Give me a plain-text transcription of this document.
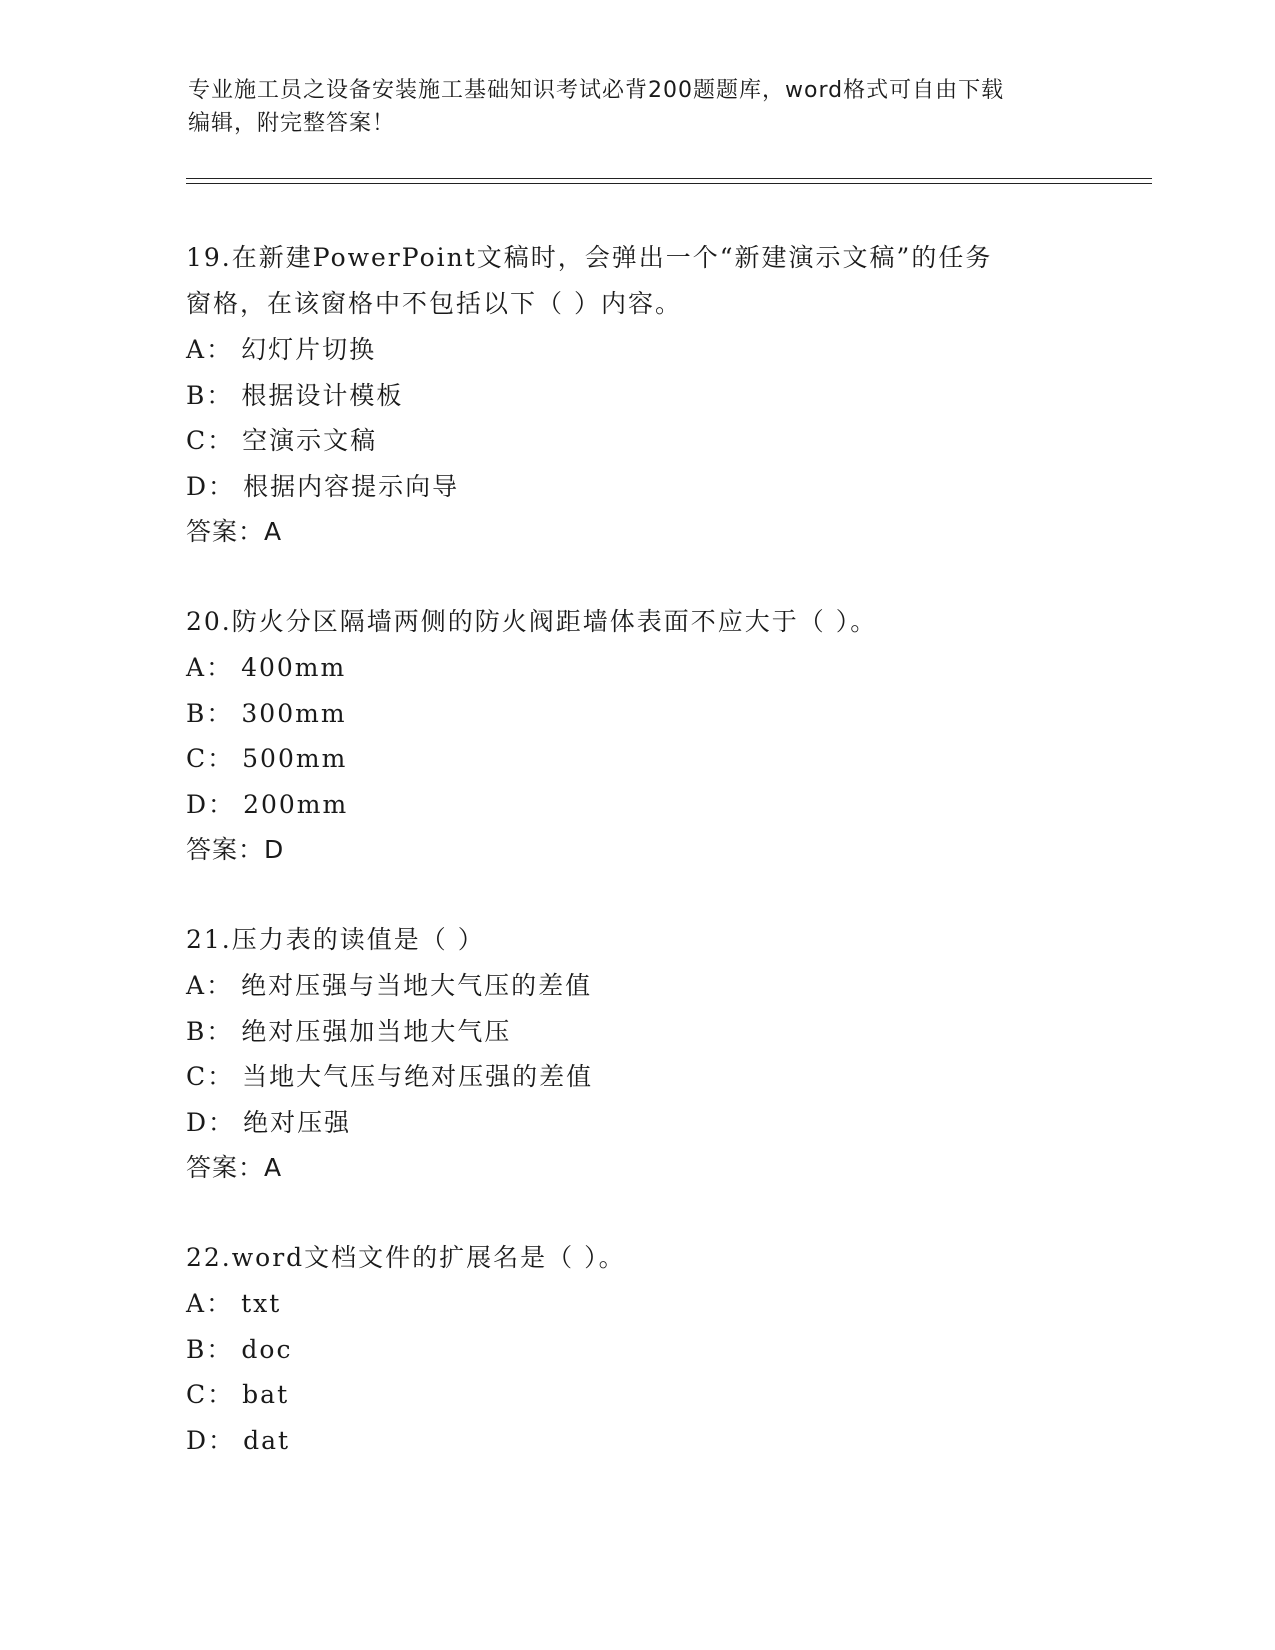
专业施工员之设备安装施工基础知识考试必背200题题库，word格式可自由下载
编辑，附完整答案！
19.在新建PowerPoint文稿时，会弹出一个“新建演示文稿”的任务
窗格，在该窗格中不包括以下（ ）内容。
A： 幻灯片切换
B： 根据设计模板
C： 空演示文稿
D： 根据内容提示向导
答案：A
20.防火分区隔墙两侧的防火阀距墙体表面不应大于（ ）。
A： 400mm
B： 300mm
C： 500mm
D： 200mm
答案：D
21.压力表的读值是（ ）
A： 绝对压强与当地大气压的差值
B： 绝对压强加当地大气压
C： 当地大气压与绝对压强的差值
D： 绝对压强
答案：A
22.word文档文件的扩展名是（ ）。
A： txt
B： doc
C： bat
D： dat
